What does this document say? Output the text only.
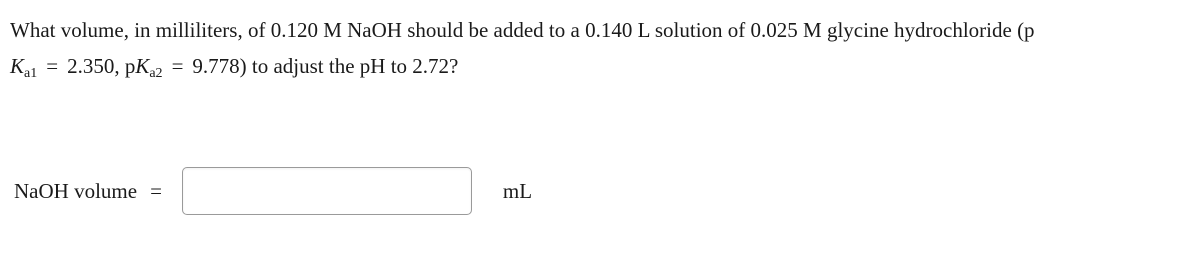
What volume, in milliliters, of 0.120 M NaOH should be added to a 0.140 L solution of 0.025 M glycine hydrochloride (p
$K_{a1} = 2.350$, $pK_{a2} = 9.778$) to adjust the pH to 2.72?
NaOH volume =	mL
